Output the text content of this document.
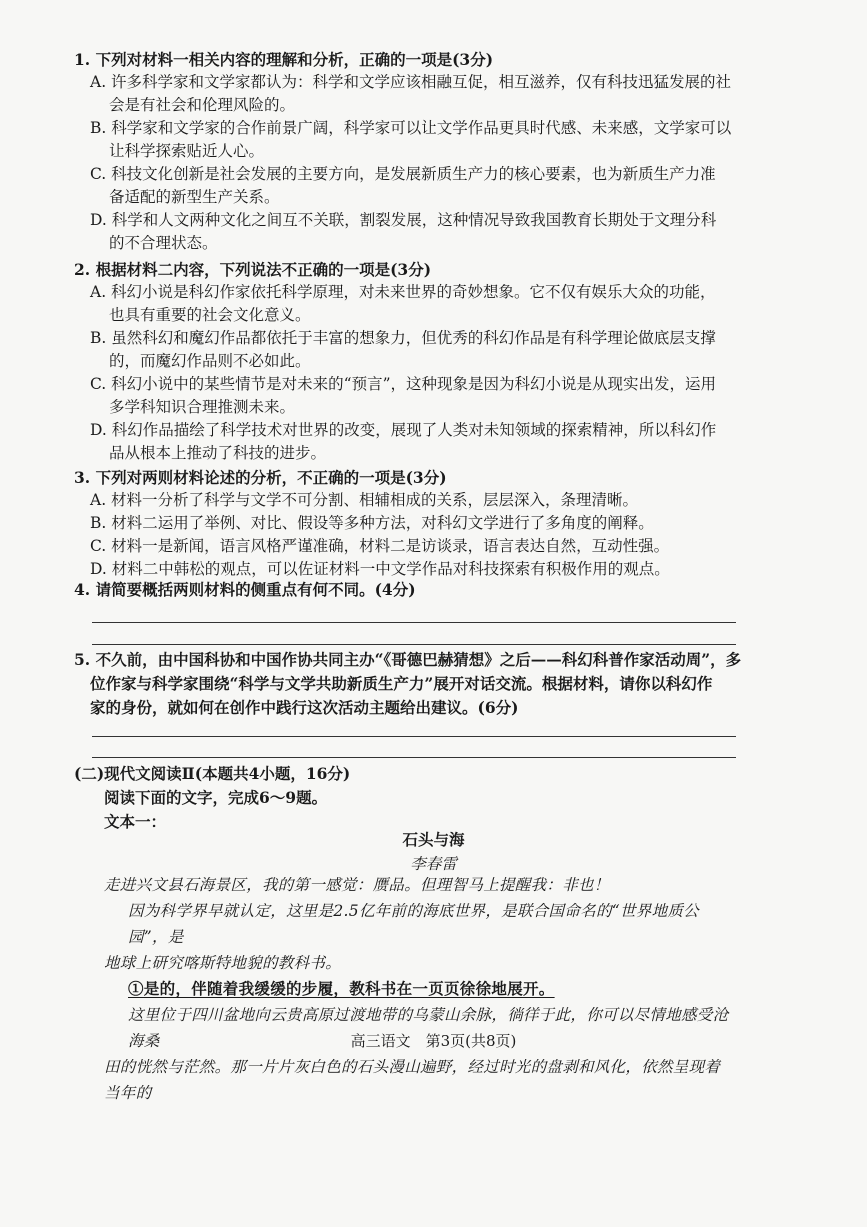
1. 下列对材料一相关内容的理解和分析，正确的一项是(3分)
A. 许多科学家和文学家都认为：科学和文学应该相融互促，相互滋养，仅有科技迅猛发展的社
会是有社会和伦理风险的。
B. 科学家和文学家的合作前景广阔，科学家可以让文学作品更具时代感、未来感，文学家可以
让科学探索贴近人心。
C. 科技文化创新是社会发展的主要方向，是发展新质生产力的核心要素，也为新质生产力准
备适配的新型生产关系。
D. 科学和人文两种文化之间互不关联，割裂发展，这种情况导致我国教育长期处于文理分科
的不合理状态。
2. 根据材料二内容，下列说法不正确的一项是(3分)
A. 科幻小说是科幻作家依托科学原理，对未来世界的奇妙想象。它不仅有娱乐大众的功能，
也具有重要的社会文化意义。
B. 虽然科幻和魔幻作品都依托于丰富的想象力，但优秀的科幻作品是有科学理论做底层支撑
的，而魔幻作品则不必如此。
C. 科幻小说中的某些情节是对未来的“预言”，这种现象是因为科幻小说是从现实出发，运用
多学科知识合理推测未来。
D. 科幻作品描绘了科学技术对世界的改变，展现了人类对未知领域的探索精神，所以科幻作
品从根本上推动了科技的进步。
3. 下列对两则材料论述的分析，不正确的一项是(3分)
A. 材料一分析了科学与文学不可分割、相辅相成的关系，层层深入，条理清晰。
B. 材料二运用了举例、对比、假设等多种方法，对科幻文学进行了多角度的阐释。
C. 材料一是新闻，语言风格严谨准确，材料二是访谈录，语言表达自然，互动性强。
D. 材料二中韩松的观点，可以佐证材料一中文学作品对科技探索有积极作用的观点。
4. 请简要概括两则材料的侧重点有何不同。(4分)
5. 不久前，由中国科协和中国作协共同主办“《哥德巴赫猜想》之后——科幻科普作家活动周”，多
位作家与科学家围绕“科学与文学共助新质生产力”展开对话交流。根据材料，请你以科幻作
家的身份，就如何在创作中践行这次活动主题给出建议。(6分)
(二)现代文阅读Ⅱ(本题共4小题，16分)
阅读下面的文字，完成6～9题。
文本一：
石头与海
李春雷
走进兴文县石海景区，我的第一感觉：赝品。但理智马上提醒我：非也！
因为科学界早就认定，这里是2.5亿年前的海底世界，是联合国命名的“世界地质公园”，是
地球上研究喀斯特地貌的教科书。
①是的，伴随着我缓缓的步履，教科书在一页页徐徐地展开。
这里位于四川盆地向云贵高原过渡地带的乌蒙山余脉，徜徉于此，你可以尽情地感受沧海桑
田的恍然与茫然。那一片片灰白色的石头漫山遍野，经过时光的盘剥和风化，依然呈现着当年的
高三语文　第3页(共8页)
